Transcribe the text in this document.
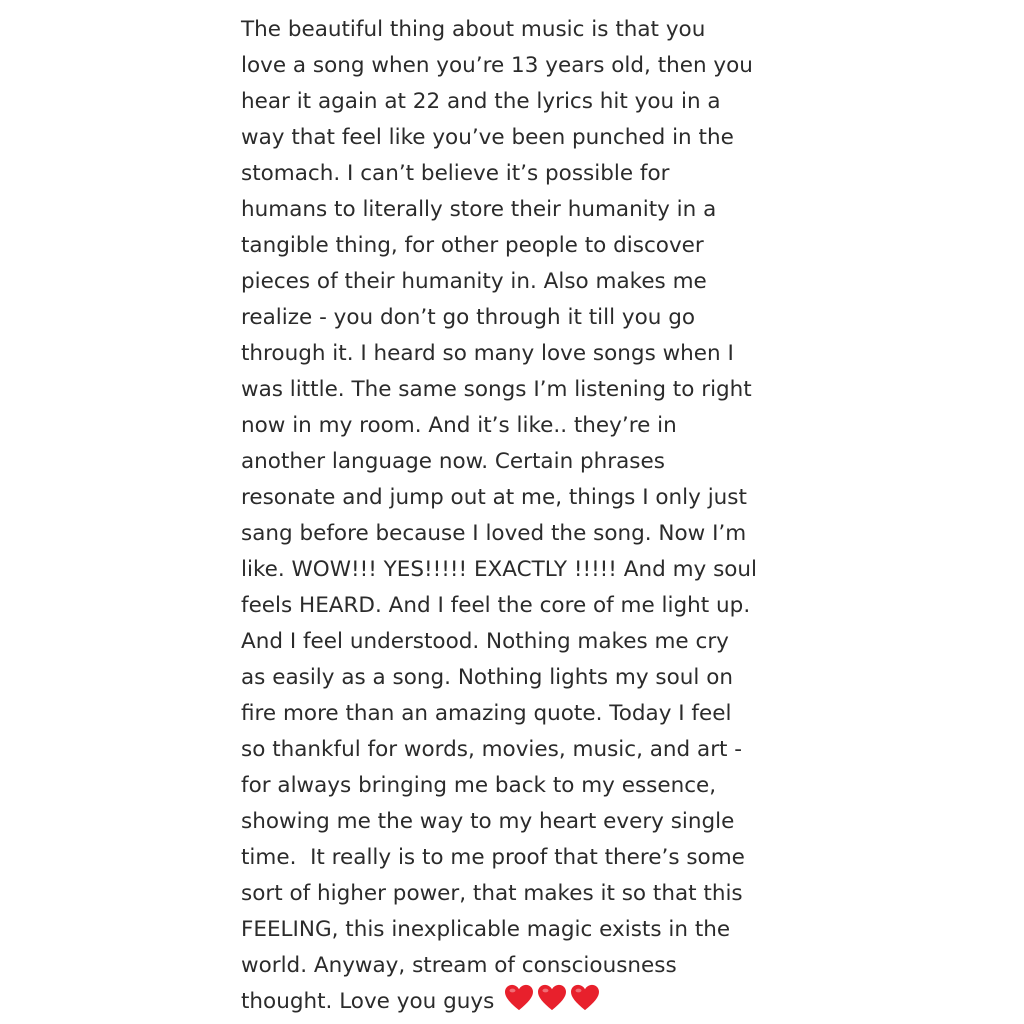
The beautiful thing about music is that you
love a song when you’re 13 years old, then you
hear it again at 22 and the lyrics hit you in a
way that feel like you’ve been punched in the
stomach. I can’t believe it’s possible for
humans to literally store their humanity in a
tangible thing, for other people to discover
pieces of their humanity in. Also makes me
realize - you don’t go through it till you go
through it. I heard so many love songs when I
was little. The same songs I’m listening to right
now in my room. And it’s like.. they’re in
another language now. Certain phrases
resonate and jump out at me, things I only just
sang before because I loved the song. Now I’m
like. WOW!!! YES!!!!! EXACTLY !!!!! And my soul
feels HEARD. And I feel the core of me light up.
And I feel understood. Nothing makes me cry
as easily as a song. Nothing lights my soul on
fire more than an amazing quote. Today I feel
so thankful for words, movies, music, and art -
for always bringing me back to my essence,
showing me the way to my heart every single
time.  It really is to me proof that there’s some
sort of higher power, that makes it so that this
FEELING, this inexplicable magic exists in the
world. Anyway, stream of consciousness
thought. Love you guys
